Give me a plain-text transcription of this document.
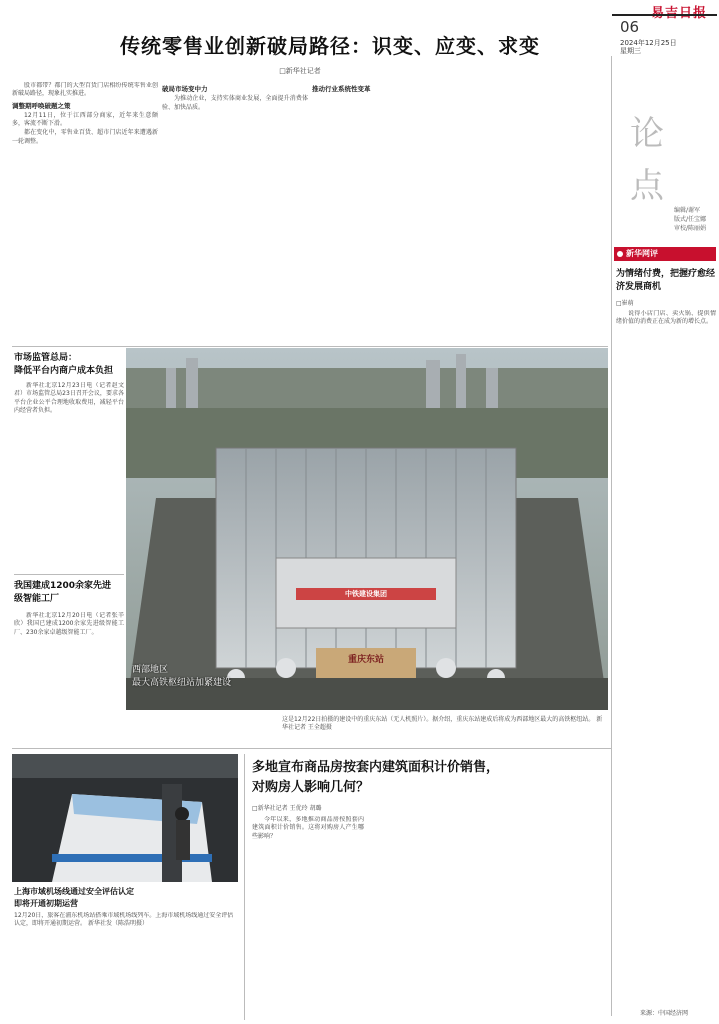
06
2024年12月25日
星期三
传统零售业创新破局路径：识变、应变、求变
□新华社记者

股市都带？都门的大型百货门店相纷传统零售业创新破局路径，现象扎实推进。

调整期呼唤破题之策

12月11日，位于江西部分商家，近年来生意颇多，客流不断下滑。

都在变化中，零售业百货、超市门店近年来遭遇新一轮调整。

破局市场变中力

为推动企业，支持实体商业发展，全面提升消费体验、加快品质。

推动行业系统性变革

市场监管总局：
降低平台内商户成本负担

新华社北京12月23日电（记者赵文君）市场监管总局23日召开会议，要求各平台企业公平合理地收取费用，减轻平台内经营者负担。

我国建成1200余家先进
级智能工厂

新华社北京12月20日电（记者张辛欣）我国已建成1200余家先进级智能工厂、230余家卓越级智能工厂。

中铁建设集团
重庆东站
西部地区
最大高铁枢纽站加紧建设
这是12月22日拍摄的建设中的重庆东站（无人机照片）。据介绍，重庆东站建成后将成为西部地区最大的高铁枢纽站。 新华社记者 王全超摄
上海市域机场线通过安全评估认定
即将开通初期运营
12月20日，旅客在浦东机场站搭乘市域机场线列车。上海市域机场线通过安全评估认定，即将开通初期运营。 新华社发（陈浩明摄）
多地宣布商品房按套内建筑面积计价销售，
对购房人影响几何？
□新华社记者 王优玲 胡璐

今年以来，多地推动商品房按照套内建筑面积计价销售。这将对购房人产生哪些影响？

论
点
编辑/谢军
版式/任宝娜
审校/陈丽娟
新华网评
为情绪付费，把握疗愈经济发展商机
□崔萌

说得小店门店、卖火锅、提供情绪价值的消费正在成为新的增长点。

来源：中国经济网
